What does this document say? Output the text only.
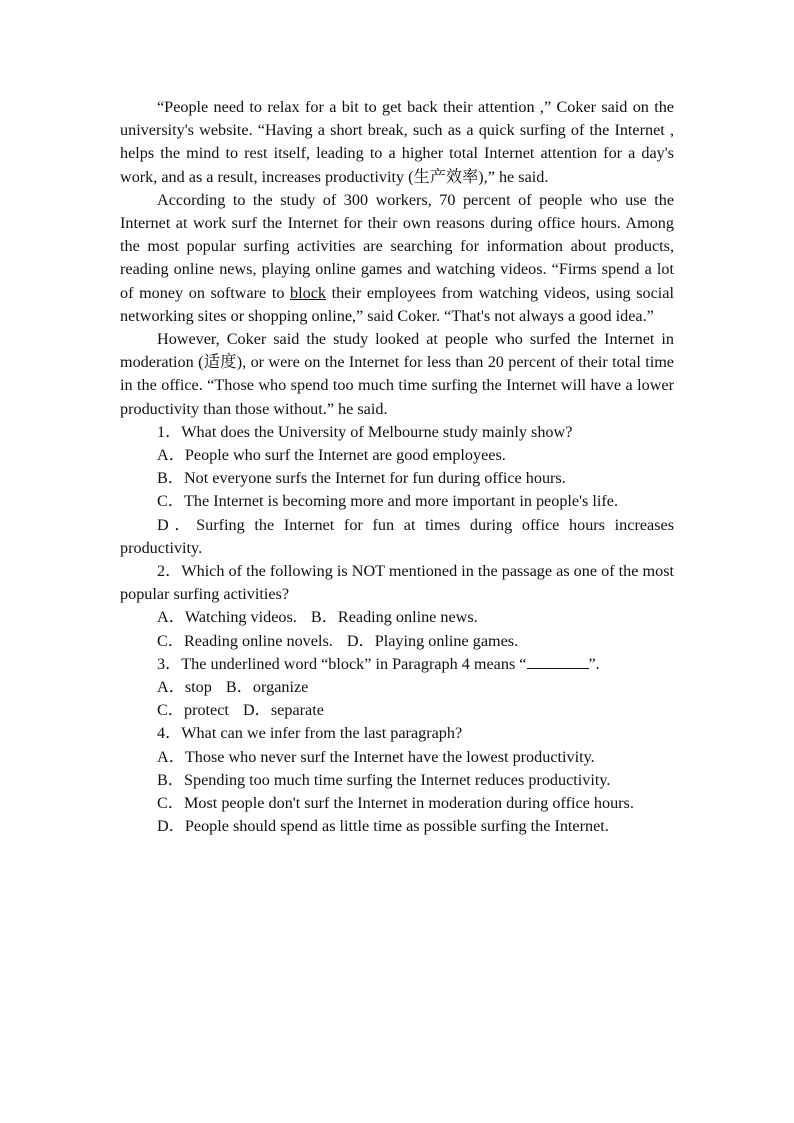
“People need to relax for a bit to get back their attention ,” Coker said on the university's website. “Having a short break, such as a quick surfing of the Internet , helps the mind to rest itself, leading to a higher total Internet attention for a day's work, and as a result, increases productivity (生产效率),” he said.

According to the study of 300 workers, 70 percent of people who use the Internet at work surf the Internet for their own reasons during office hours. Among the most popular surfing activities are searching for information about products, reading online news, playing online games and watching videos. “Firms spend a lot of money on software to block their employees from watching videos, using social networking sites or shopping online,” said Coker. “That's not always a good idea.”

However, Coker said the study looked at people who surfed the Internet in moderation (适度), or were on the Internet for less than 20 percent of their total time in the office. “Those who spend too much time surfing the Internet will have a lower productivity than those without.” he said.

1．What does the University of Melbourne study mainly show?

A．People who surf the Internet are good employees.

B．Not everyone surfs the Internet for fun during office hours.

C．The Internet is becoming more and more important in people's life.

D．Surfing the Internet for fun at times during office hours increases productivity.

2．Which of the following is NOT mentioned in the passage as one of the most popular surfing activities?

A．Watching videos. B．Reading online news.

C．Reading online novels. D．Playing online games.

3．The underlined word “block” in Paragraph 4 means “	”.

A．stop B．organize

C．protect D．separate

4．What can we infer from the last paragraph?

A．Those who never surf the Internet have the lowest productivity.

B．Spending too much time surfing the Internet reduces productivity.

C．Most people don't surf the Internet in moderation during office hours.

D．People should spend as little time as possible surfing the Internet.
